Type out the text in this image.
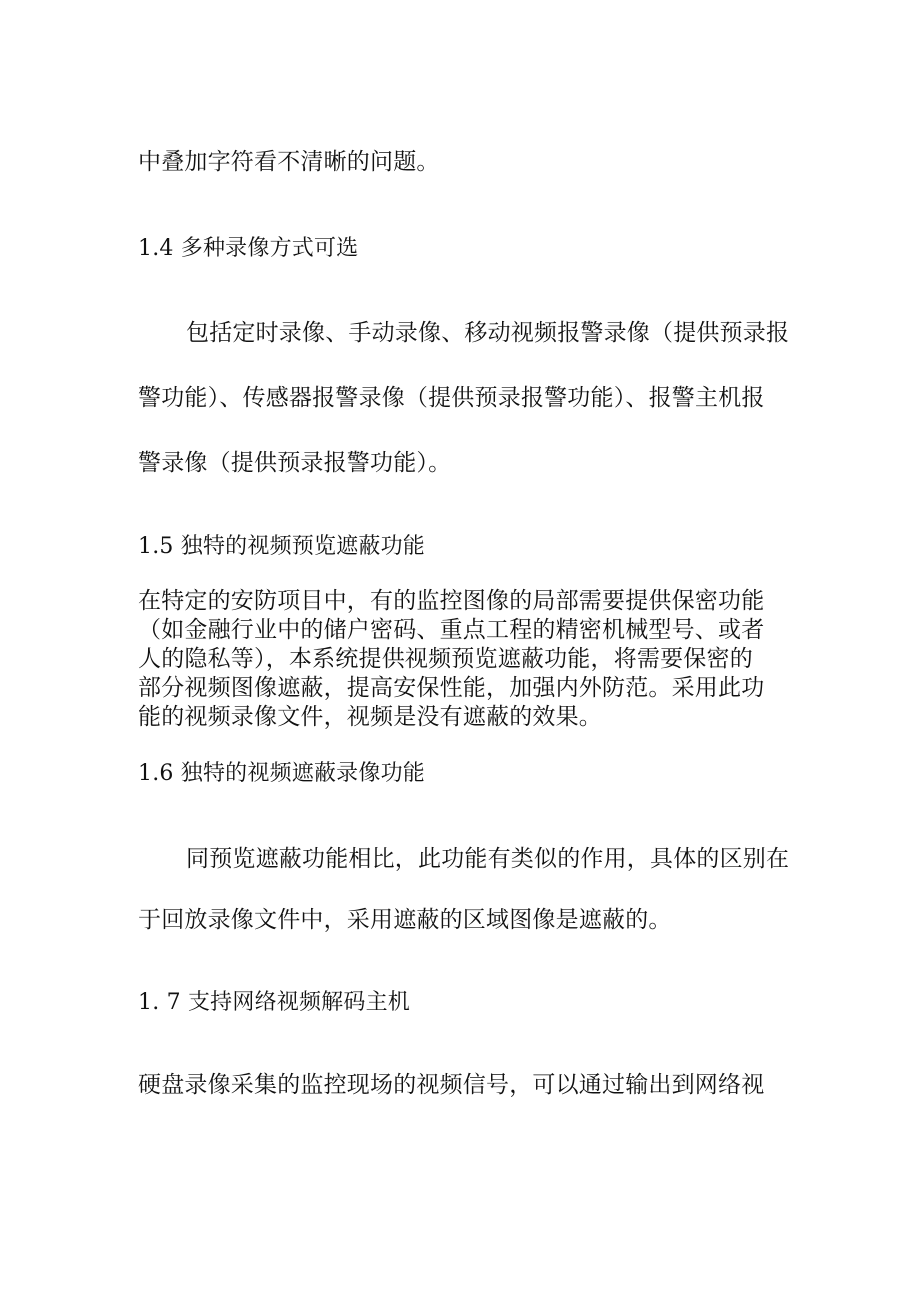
中叠加字符看不清晰的问题。
1.4 多种录像方式可选
包括定时录像、手动录像、移动视频报警录像（提供预录报
警功能）、传感器报警录像（提供预录报警功能）、报警主机报
警录像（提供预录报警功能）。
1.5 独特的视频预览遮蔽功能
在特定的安防项目中，有的监控图像的局部需要提供保密功能
（如金融行业中的储户密码、重点工程的精密机械型号、或者
人的隐私等），本系统提供视频预览遮蔽功能，将需要保密的
部分视频图像遮蔽，提高安保性能，加强内外防范。采用此功
能的视频录像文件，视频是没有遮蔽的效果。
1.6 独特的视频遮蔽录像功能
同预览遮蔽功能相比，此功能有类似的作用，具体的区别在
于回放录像文件中，采用遮蔽的区域图像是遮蔽的。
1. 7 支持网络视频解码主机
硬盘录像采集的监控现场的视频信号，可以通过输出到网络视
